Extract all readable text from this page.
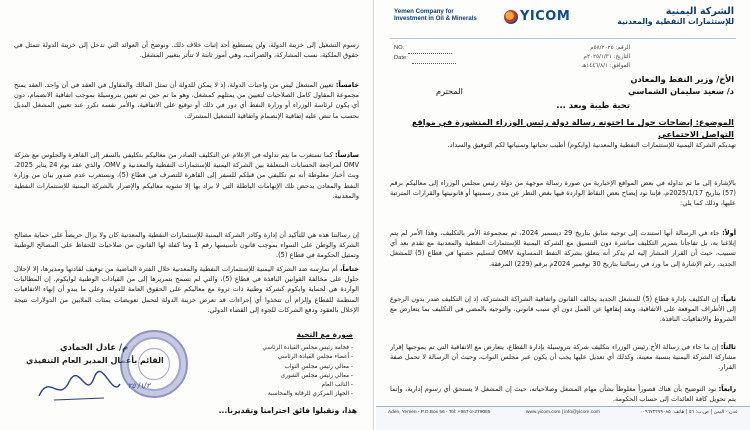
رسوم التشغيل إلى خزينة الدولة، ولن يستطيع أحد إثبات خلاف ذلك. ونوضح أن العوائد التي تدخل إلى خزينة الدولة تتمثل في حقوق الملكية، نسب المشاركة، والضرائب، وهي أمور ثابتة لا تتأثر بتغيير المشغل.
خامساً: تعيين المشغل ليس من واجبات الدولة، إذ لا يمكن للدولة أن تمثل المالك والمقاول في العقد في آن واحد. العقد يمنح مجموعة المقاول كامل الصلاحيات لتعيين من يمثلهم كمشغل، وهو ما تم حين تم تعيين بتروسيلة بموجب اتفاقية الانضمام، دون أي يكون لرئاسة الوزراء أو وزارة النفط أي دور في ذلك أو توقيع على الاتفاقية، والأمر نفسه تكرر عند تعيين المشغل البديل بحسب ما تنص عليه إتفاقية الإنضمام واتفاقية التشغيل المشترك.
سادساً: كما نستغرب ما يتم تداوله في الإعلام عن التكليف الصادر من معاليكم بتكليفي بالسفر إلى القاهرة والجلوس مع شركة OMV لمراجعة الحسابات المتعلقة بين الشركة اليمنية للإستثمارات النفطية والمعدنية و OMV، والذي عقد يوم 24 يناير 2025، وبث أخبار مغلوطة أنه تم تكليفي من قبلكم للسفر إلى القاهرة للتصرف في قطاع (5)، ونستغرب عدم صدور بيان من وزارة النفط والمعادن يدحض تلك الإتهامات الباطلة التي لا يراد بها إلا تشويه معاليكم والإضرار بالشركة اليمنية للإستثمارات النفطية والمعدنية.
إن رسالتنا هذه هي للتأكيد أن إدارة وكادر الشركة اليمنية للإستثمارات النفطية والمعدنية كان ولا يزال حريصاً على حماية مصالح الشركة والوطن على السواء بموجب قانون تأسيسها رقم 1 وما كفلة لها القانون من صلاحيات للحفاظ على المصالح الوطنية وتمثيل الحكومة في قطاع (5).
ختاماً، أم نمارسه ضد الشركة اليمنية للإستثمارات النفطية والمعدنية خلال الفترة الماضية من توقيف لقادتها ومديرها، إلا لإحلال حلول على مخالفة القوانين النافذة في قطاع (5)، والتي لم تسمح بتمريرها إلى من القيادات الوطنية لوايكوم. إن المطالبات الواردة هي لحماية وايكوم كشركة وطنية ذات ثروة مع معاليكم على الحقوق العامة للدولة، وعلى ما يبدو أن إنهاء الاتفاقيات المنظمة للقطاع وإلزام أن تتخذوا أي إجراءات قد تعرض خزينة الدولة لتحمل تعويضات بمئات الملايين من الدولارات نتيجة الإخلال بالعقود ودفع الشركات للجوء إلى القضاء الدولي.
صورة مع التحية
- فخامة رئيس مجلس القيادة الرئاسي
- أعضاء مجلس القيادة الرئاسي
- معالي رئيس مجلس النواب
- معالي رئيس مجلس الشورى
- النائب العام
- الجهاز المركزي للرقابة والمحاسبة
م/ عادل الحمادي
القائم بأعمال المدير العام التنفيذي
١/٢/ ٢٥
هذا، وتقبلوا فائق احترامنا وتقديرنا...
الشركة اليمنية
للإستثمارات النفطية والمعدنية
YICOM
Yemen Company for
Investment in Oil & Minerals
NO.
Date:
الرقم: ٥٨/٢٠٢٥م
التاريخ: ٢٠٢٥/١/٣١م
الموافق: ١٤٤٦/٨/١هـ
الأخ/ وزير النفط والمعادن
د/ سعيد سليمان الشماسي
المحترم
تحية طيبة وبعد ...
الموضوع: إيضاحات حول ما احتوته رسالة دولة رئيس الوزراء المنشورة في مواقع التواصل الاجتماعي
تهديكم الشركة اليمنية للإستثمارات النفطية والمعدنية (وايكوم) أطيب تحياتها وتمنياتها لكم التوفيق والسداد.
بالإشارة إلى ما تم تداوله في بعض المواقع الإخبارية من صورة رسالة موجهة من دولة رئيس مجلس الوزراء إلى معاليكم برقم (57) بتاريخ 2025/1/17م، فإننا نود إيضاح بعض النقاط الواردة فيها بغض النظر عن مدى رسميتها أو قانونيتها والقرارات المترتبة عليها، وذلك كما يلي:
أولاً: جاء في الرسالة أنها استندت إلى توجيه سابق بتاريخ 29 ديسمبر 2024، ثم بمجموعة الأمر بالتكليف، وهذا الأمر لم يتم إبلاغنا به، بل تفاجأنا بتمرير التكليف مباشرة دون التنسيق مع الشركة اليمنية للإستثمارات النفطية والمعدنية مع تقدم بعد أي تسبيب، حيث أن القرار المشار إليه لم يذكر أنه يتعلق بشركة النفط النمساوية OMV لتسليم حصتها في قطاع (5) للمشغل الجديد، رغم الإشارة إلى ما ورد في رسالتنا بتاريخ 30 نوفمبر 2024م برقم (229) المرفقة.
ثانياً: إن التكليف بإدارة قطاع (5) للمشغل الجديد يخالف القانون واتفاقية الشراكة المشتركة، إذ إن التكليف صدر بدون الرجوع إلى الأطراف الموقعة على الاتفاقية، وبعد إيقافها عن العمل دون أي سبب قانوني، والتوجيه بالمضي في التكليف بما يتعارض مع الشروط والاتفاقيات النافذة.
ثالثاً: إن ما جاء في رسالة الأخ رئيس الوزراء بتكليف شركة بتروسيلة بإدارة القطاع، يتعارض مع الاتفاقية التي تم بموجبها إقرار مشاركة الشركة اليمنية بنسبة معينة، وكذلك أي تعديل عليها يجب أن يكون عبر مجلس النواب، وحيث أن الرسالة لا تحمل صفة القرار.
رابعاً: نود التوضيح بأن هناك قصوراً مغلوطاً بشأن مهام المشغل وصلاحياته، حيث إن المشغل لا يستحق أي رسوم إدارية، وإنما يتم تحويل كافة العائدات إلى حساب الحكومة.
عدن - اليمن | ص.ب: ٥٦ | هاتف: ٠٠٩٦٧٢٢٧٩٠٨٥
www.yicom.com | info@yicom.com
Aden, Yemen - P.O.Box 56 - Tel: +967-2-279085
